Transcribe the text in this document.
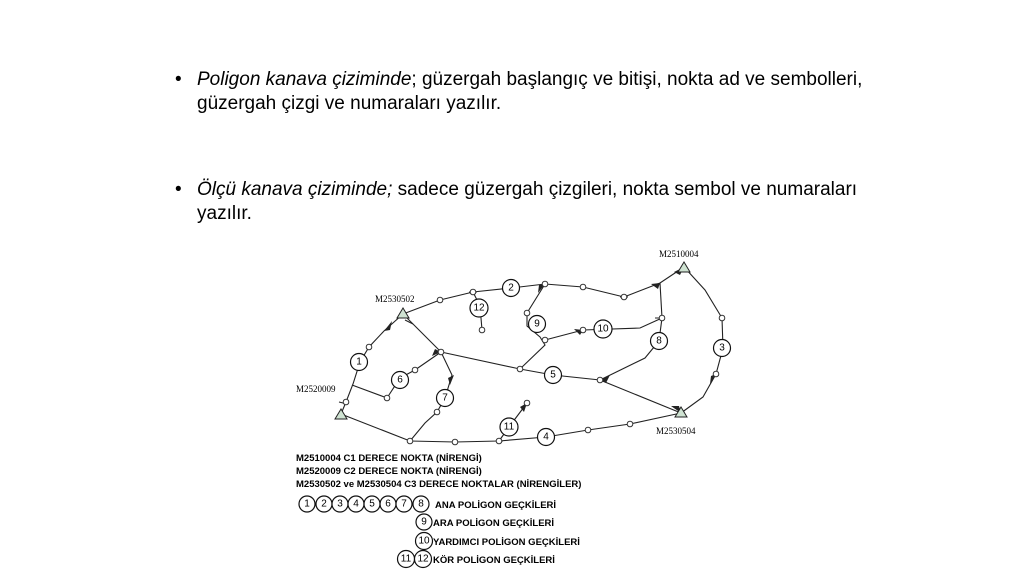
• Poligon kanava çiziminde; güzergah başlangıç ve bitişi, nokta ad ve sembolleri, güzergah çizgi ve numaraları yazılır.

• Ölçü kanava çiziminde; sadece güzergah çizgileri, nokta sembol ve numaraları yazılır.

M2510004
M2530502
M2520009
M2530504
1
2
3
4
5
6
7
8
9	10
11
12
M2510004 C1 DERECE NOKTA (NİRENGİ)
M2520009 C2 DERECE NOKTA (NİRENGİ)
M2530502 ve M2530504 C3 DERECE NOKTALAR (NİRENGİLER)
1 2 3 4 5 6 7 8 ANA POLİGON GEÇKİLERİ
9 ARA POLİGON GEÇKİLERİ
10 YARDIMCI POLİGON GEÇKİLERİ
11 12 KÖR POLİGON GEÇKİLERİ
